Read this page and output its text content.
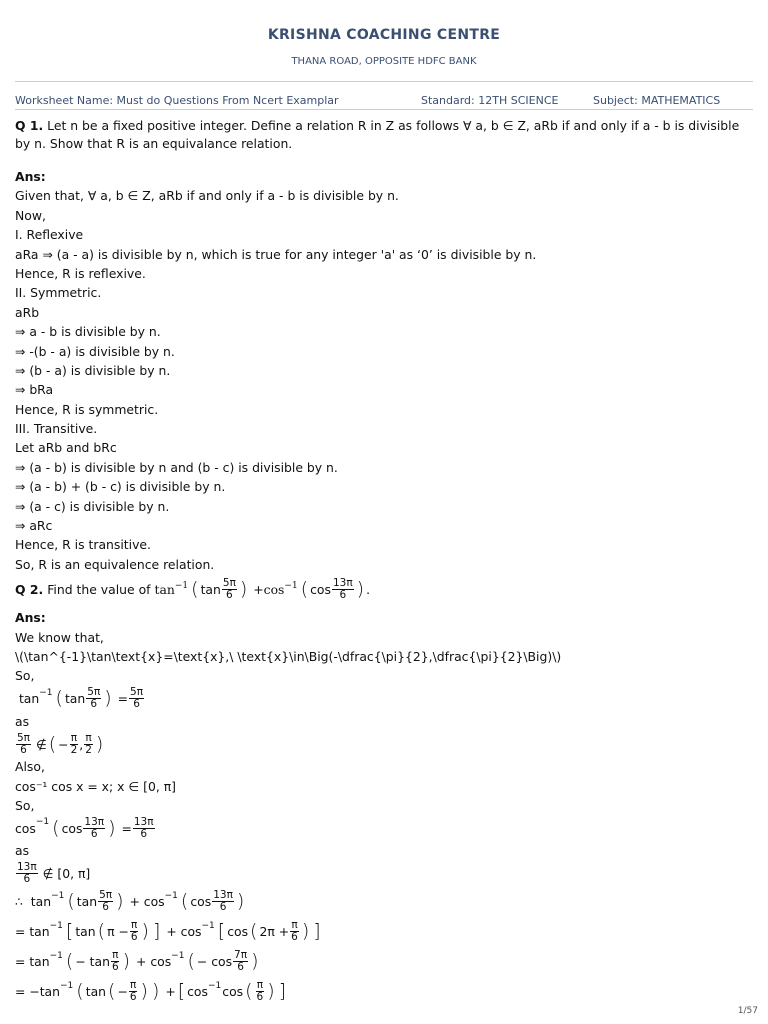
KRISHNA COACHING CENTRE
THANA ROAD, OPPOSITE HDFC BANK
Worksheet Name: Must do Questions From Ncert Examplar	Standard: 12TH SCIENCE	Subject: MATHEMATICS
Q 1. Let n be a fixed positive integer. Define a relation R in Z as follows ∀ a, b ∈ Z, aRb if and only if a - b is divisible by n. Show that R is an equivalance relation.
Ans:
Given that, ∀ a, b ∈ Z, aRb if and only if a - b is divisible by n.
Now,
I. Reflexive
aRa ⇒ (a - a) is divisible by n, which is true for any integer 'a' as ‘0’ is divisible by n.
Hence, R is reflexive.
II. Symmetric.
aRb
⇒ a - b is divisible by n.
⇒ -(b - a) is divisible by n.
⇒ (b - a) is divisible by n.
⇒ bRa
Hence, R is symmetric.
III. Transitive.
Let aRb and bRc
⇒ (a - b) is divisible by n and (b - c) is divisible by n.
⇒ (a - b) + (b - c) is divisible by n.
⇒ (a - c) is divisible by n.
⇒ aRc
Hence, R is transitive.
So, R is an equivalence relation.
Q 2. Find the value of $\tan^{-1}$ ( $\tan \frac{5\pi}{6}$ ) + $\cos^{-1}$ ( $\cos \frac{13\pi}{6}$ ) .
Ans:
We know that,
\(\tan^{-1}\tan\text{x}=\text{x},\ \text{x}\in\Big(-\dfrac{\pi}{2},\dfrac{\pi}{2}\Big)\)
So,
tan −1 ( $\tan \frac{5\pi}{6}$ ) = $\frac{5\pi}{6}$
as
$\frac{5\pi}{6}$ ∉ ( − $\frac{\pi}{2}$ , $\frac{\pi}{2}$ )
Also,
cos⁻¹ cos x = x; x ∈ [0, π]
So,
cos −1 ( $\cos \frac{13\pi}{6}$ ) = $\frac{13\pi}{6}$
as
$\frac{13\pi}{6}$ ∉ [0, π]
∴ tan −1 ( $\tan \frac{5\pi}{6}$ ) + cos −1 ( $\cos \frac{13\pi}{6}$ )
= tan −1 [ tan ( $\pi - \frac{\pi}{6}$ ) ] + cos −1 [ cos ( $2\pi + \frac{\pi}{6}$ ) ]
= tan −1 ( − $\tan \frac{\pi}{6}$ ) + cos −1 ( − $\cos \frac{7\pi}{6}$ )
= −tan −1 ( tan ( − $\frac{\pi}{6}$ ) ) + [ cos −1 cos ( $\frac{\pi}{6}$ ) ]
1/57
